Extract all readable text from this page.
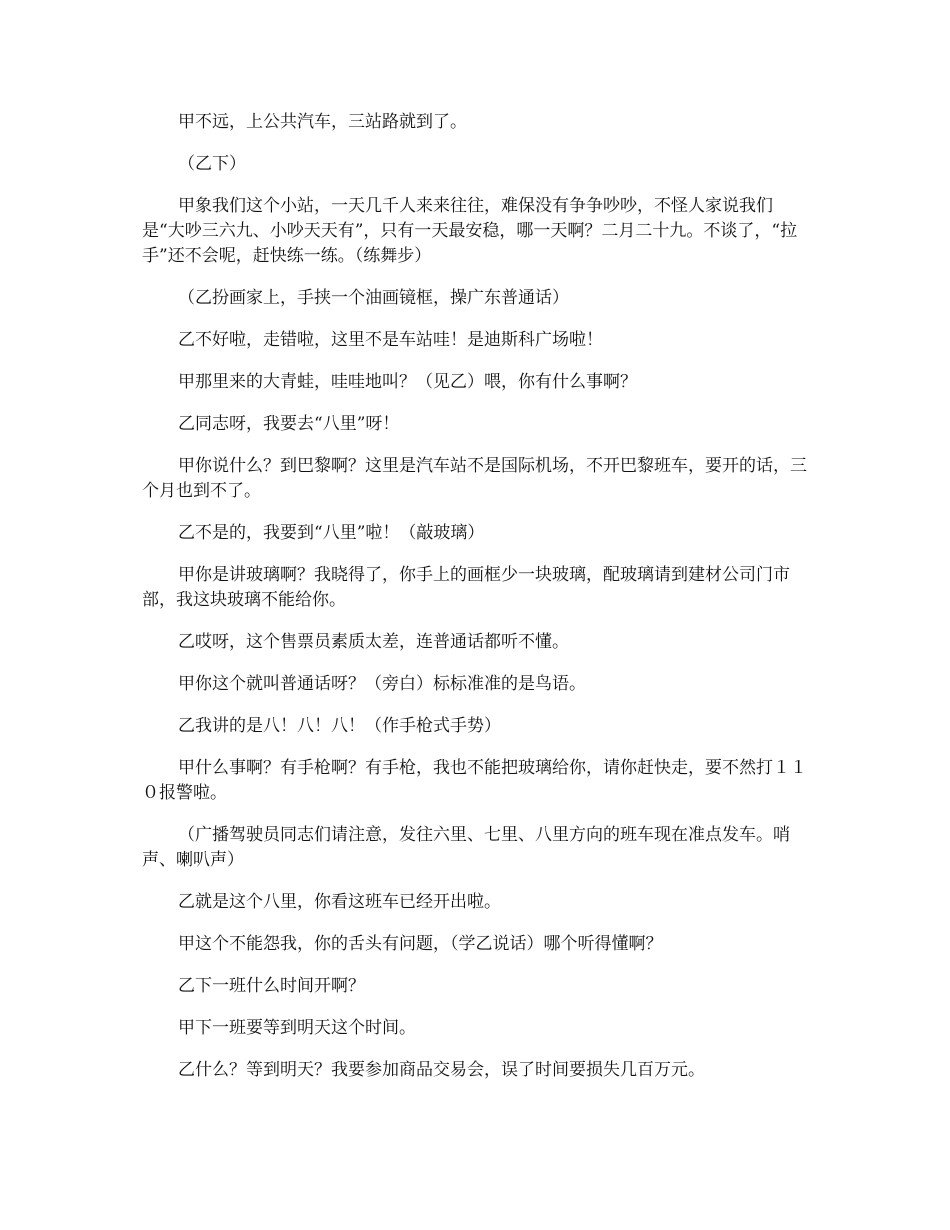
甲不远，上公共汽车，三站路就到了。

（乙下）

甲象我们这个小站，一天几千人来来往往，难保没有争争吵吵，不怪人家说我们是“大吵三六九、小吵天天有”，只有一天最安稳，哪一天啊？二月二十九。不谈了，“拉手”还不会呢，赶快练一练。（练舞步）

（乙扮画家上，手挟一个油画镜框，操广东普通话）

乙不好啦，走错啦，这里不是车站哇！是迪斯科广场啦！

甲那里来的大青蛙，哇哇地叫？（见乙）喂，你有什么事啊？

乙同志呀，我要去“八里”呀！

甲你说什么？到巴黎啊？这里是汽车站不是国际机场，不开巴黎班车，要开的话，三个月也到不了。

乙不是的，我要到“八里”啦！（敲玻璃）

甲你是讲玻璃啊？我晓得了，你手上的画框少一块玻璃，配玻璃请到建材公司门市部，我这块玻璃不能给你。

乙哎呀，这个售票员素质太差，连普通话都听不懂。

甲你这个就叫普通话呀？（旁白）标标准准的是鸟语。

乙我讲的是八！八！八！（作手枪式手势）

甲什么事啊？有手枪啊？有手枪，我也不能把玻璃给你，请你赶快走，要不然打１１０报警啦。

（广播驾驶员同志们请注意，发往六里、七里、八里方向的班车现在准点发车。哨声、喇叭声）

乙就是这个八里，你看这班车已经开出啦。

甲这个不能怨我，你的舌头有问题，（学乙说话）哪个听得懂啊？

乙下一班什么时间开啊？

甲下一班要等到明天这个时间。

乙什么？等到明天？我要参加商品交易会，误了时间要损失几百万元。
